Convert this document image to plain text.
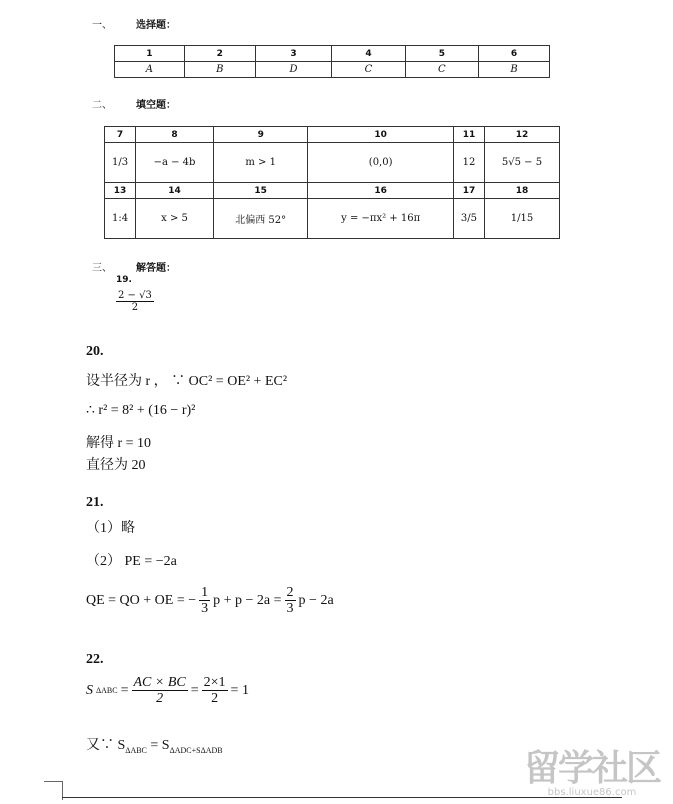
一、 选择题：
1	2	3	4	5	6
A	B	D	C	C	B
二、 填空题：
7	8	9	10	11	12
1/3	−a − 4b	m > 1	(0,0)	12	5√5 − 5
13	14	15	16	17	18
1:4	x > 5	北偏西 52°	y = −πx² + 16π	3/5	1/15
三、 解答题：
19.
$\frac{2 - √3}{2}$
20.
设半径为 r ， ∵ OC² = OE² + EC²
∴ r² = 8² + (16 − r)²
解得 r = 10
直径为 20
21.
（1）略
（2） PE = −2a
QE = QO + OE = − $\frac{1}{3}$ $p + p - 2a = \frac{2}{3}$ p − 2a
22.
S $\Delta ABC = \frac{AC \times BC}{2} = \frac{2\times 1}{2} = 1$
又∵ $S_{\Delta ABC} = S_{\Delta ADC+S\Delta ADB}$	留学社区
bbs.liuxue86.com
